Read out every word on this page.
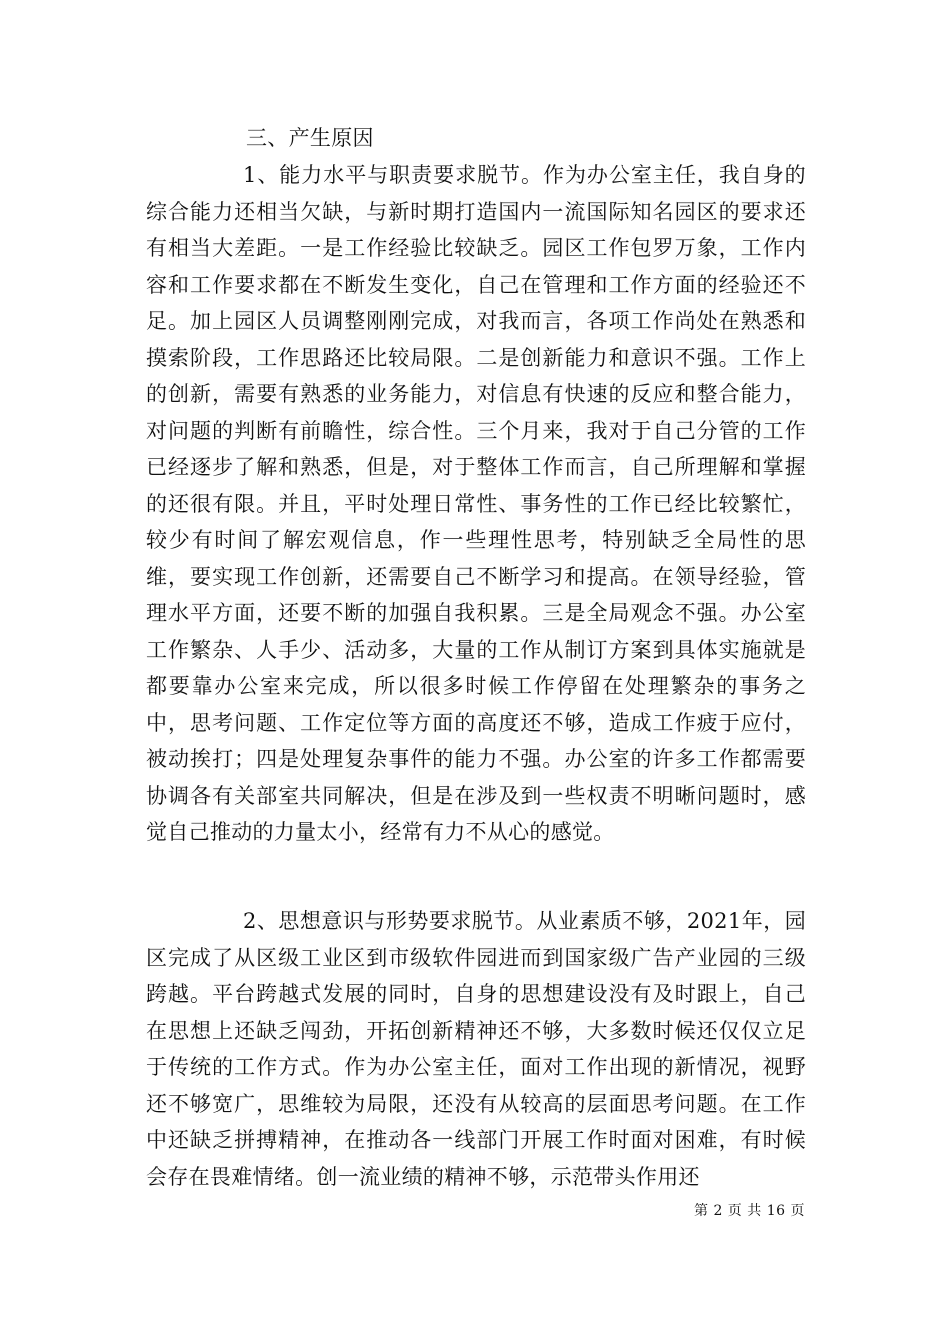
三、产生原因
1、能力水平与职责要求脱节。作为办公室主任，我自身的综合能力还相当欠缺，与新时期打造国内一流国际知名园区的要求还有相当大差距。一是工作经验比较缺乏。园区工作包罗万象，工作内容和工作要求都在不断发生变化，自己在管理和工作方面的经验还不足。加上园区人员调整刚刚完成，对我而言，各项工作尚处在熟悉和摸索阶段，工作思路还比较局限。二是创新能力和意识不强。工作上的创新，需要有熟悉的业务能力，对信息有快速的反应和整合能力，对问题的判断有前瞻性，综合性。三个月来，我对于自己分管的工作已经逐步了解和熟悉，但是，对于整体工作而言，自己所理解和掌握的还很有限。并且，平时处理日常性、事务性的工作已经比较繁忙，较少有时间了解宏观信息，作一些理性思考，特别缺乏全局性的思维，要实现工作创新，还需要自己不断学习和提高。在领导经验，管理水平方面，还要不断的加强自我积累。三是全局观念不强。办公室工作繁杂、人手少、活动多，大量的工作从制订方案到具体实施就是都要靠办公室来完成，所以很多时候工作停留在处理繁杂的事务之中，思考问题、工作定位等方面的高度还不够，造成工作疲于应付，被动挨打；四是处理复杂事件的能力不强。办公室的许多工作都需要协调各有关部室共同解决，但是在涉及到一些权责不明晰问题时，感觉自己推动的力量太小，经常有力不从心的感觉。
2、思想意识与形势要求脱节。从业素质不够，2021年，园区完成了从区级工业区到市级软件园进而到国家级广告产业园的三级跨越。平台跨越式发展的同时，自身的思想建设没有及时跟上，自己在思想上还缺乏闯劲，开拓创新精神还不够，大多数时候还仅仅立足于传统的工作方式。作为办公室主任，面对工作出现的新情况，视野还不够宽广，思维较为局限，还没有从较高的层面思考问题。在工作中还缺乏拼搏精神，在推动各一线部门开展工作时面对困难，有时候会存在畏难情绪。创一流业绩的精神不够，示范带头作用还
第 2 页 共 16 页
